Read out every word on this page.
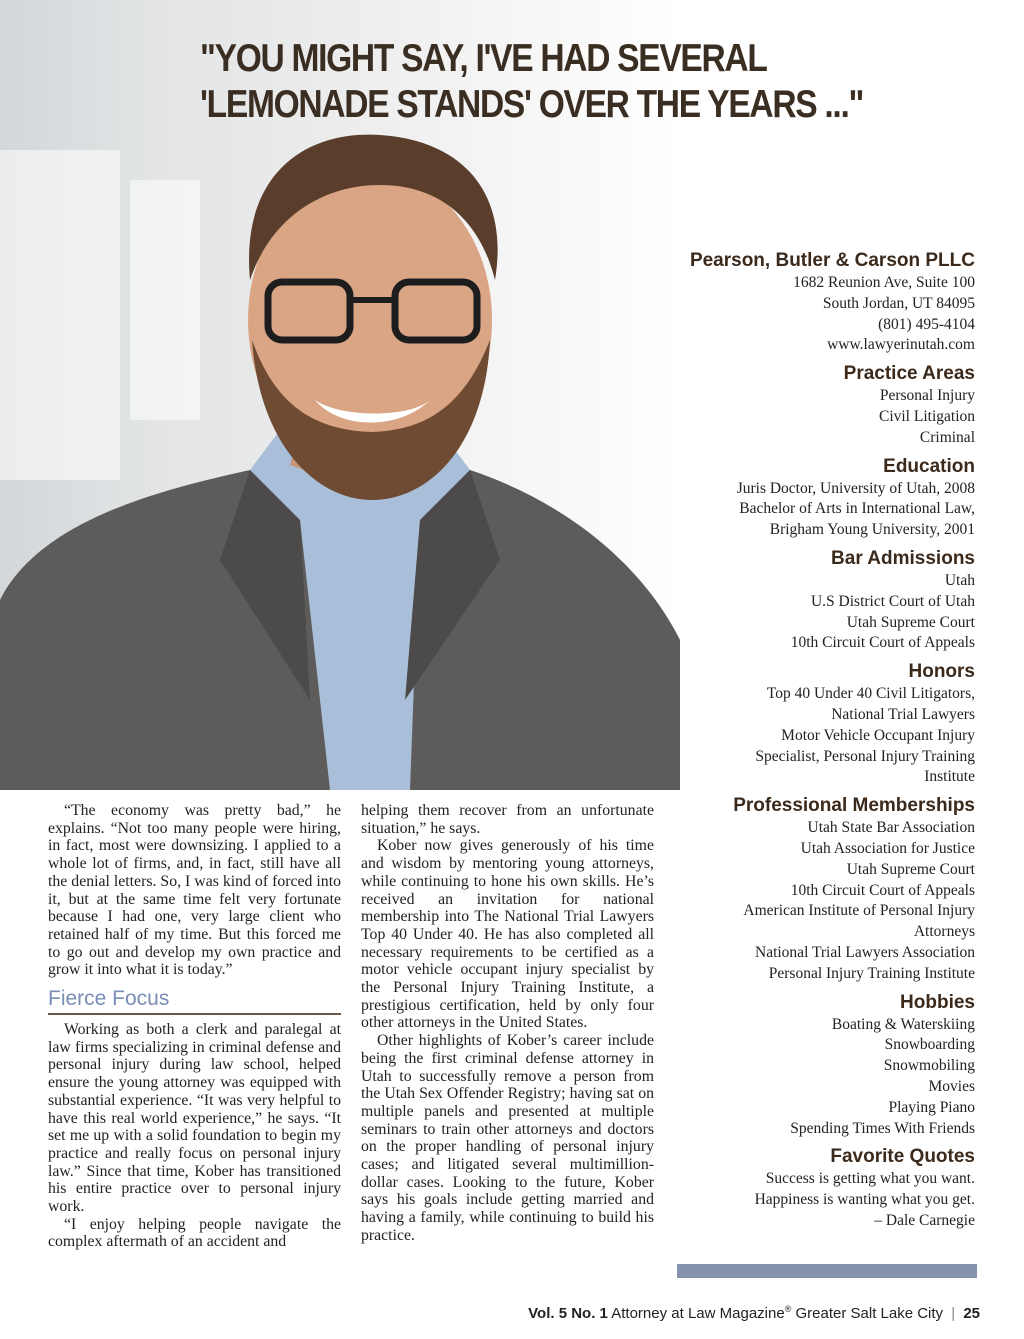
"YOU MIGHT SAY, I'VE HAD SEVERAL
'LEMONADE STANDS' OVER THE YEARS ..."
Pearson, Butler & Carson PLLC
1682 Reunion Ave, Suite 100
South Jordan, UT 84095
(801) 495-4104
www.lawyerinutah.com
Practice Areas
Personal Injury
Civil Litigation
Criminal
Education
Juris Doctor, University of Utah, 2008
Bachelor of Arts in International Law,
Brigham Young University, 2001
Bar Admissions
Utah
U.S District Court of Utah
Utah Supreme Court
10th Circuit Court of Appeals
Honors
Top 40 Under 40 Civil Litigators,
National Trial Lawyers
Motor Vehicle Occupant Injury
Specialist, Personal Injury Training
Institute
Professional Memberships
Utah State Bar Association
Utah Association for Justice
Utah Supreme Court
10th Circuit Court of Appeals
American Institute of Personal Injury
Attorneys
National Trial Lawyers Association
Personal Injury Training Institute
Hobbies
Boating & Waterskiing
Snowboarding
Snowmobiling
Movies
Playing Piano
Spending Times With Friends
Favorite Quotes
Success is getting what you want.
Happiness is wanting what you get.
– Dale Carnegie

“The economy was pretty bad,” he explains. “Not too many people were hiring, in fact, most were downsizing. I applied to a whole lot of firms, and, in fact, still have all the denial letters. So, I was kind of forced into it, but at the same time felt very fortunate because I had one, very large client who retained half of my time. But this forced me to go out and develop my own practice and grow it into what it is today.”

Fierce Focus

Working as both a clerk and paralegal at law firms specializing in criminal defense and personal injury during law school, helped ensure the young attorney was equipped with substantial experience. “It was very helpful to have this real world experience,” he says. “It set me up with a solid foundation to begin my practice and really focus on personal injury law.” Since that time, Kober has transitioned his entire practice over to personal injury work.

“I enjoy helping people navigate the complex aftermath of an accident and

helping them recover from an unfortunate situation,” he says.

Kober now gives generously of his time and wisdom by mentoring young attorneys, while continuing to hone his own skills. He’s received an invitation for national membership into The National Trial Lawyers Top 40 Under 40. He has also completed all necessary requirements to be certified as a motor vehicle occupant injury specialist by the Personal Injury Training Institute, a prestigious certification, held by only four other attorneys in the United States.

Other highlights of Kober’s career include being the first criminal defense attorney in Utah to successfully remove a person from the Utah Sex Offender Registry; having sat on multiple panels and presented at multiple seminars to train other attorneys and doctors on the proper handling of personal injury cases; and litigated several multimillion-dollar cases. Looking to the future, Kober says his goals include getting married and having a family, while continuing to build his practice.

Vol. 5 No. 1 Attorney at Law Magazine® Greater Salt Lake City | 25
